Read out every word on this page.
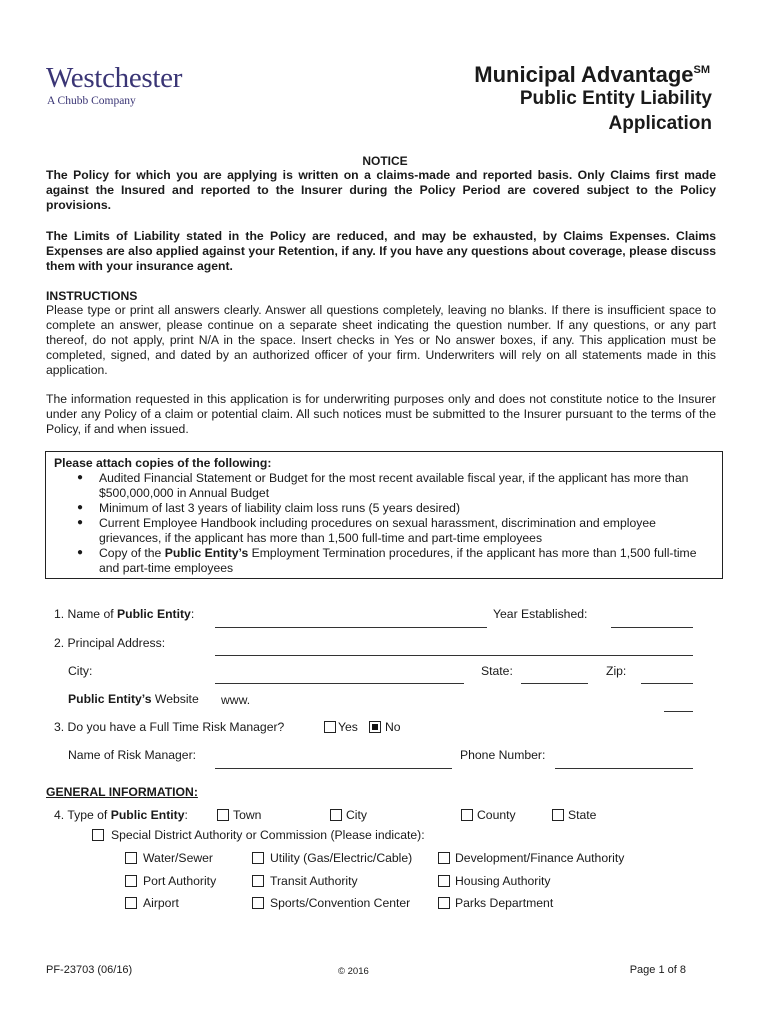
Westchester
A Chubb Company
Municipal Advantage℠
Public Entity Liability
Application
NOTICE
The Policy for which you are applying is written on a claims-made and reported basis. Only Claims first made against the Insured and reported to the Insurer during the Policy Period are covered subject to the Policy provisions.
The Limits of Liability stated in the Policy are reduced, and may be exhausted, by Claims Expenses. Claims Expenses are also applied against your Retention, if any. If you have any questions about coverage, please discuss them with your insurance agent.
INSTRUCTIONS
Please type or print all answers clearly. Answer all questions completely, leaving no blanks. If there is insufficient space to complete an answer, please continue on a separate sheet indicating the question number. If any questions, or any part thereof, do not apply, print N/A in the space. Insert checks in Yes or No answer boxes, if any. This application must be completed, signed, and dated by an authorized officer of your firm. Underwriters will rely on all statements made in this application.
The information requested in this application is for underwriting purposes only and does not constitute notice to the Insurer under any Policy of a claim or potential claim. All such notices must be submitted to the Insurer pursuant to the terms of the Policy, if and when issued.
Please attach copies of the following:
● Audited Financial Statement or Budget for the most recent available fiscal year, if the applicant has more than $500,000,000 in Annual Budget
● Minimum of last 3 years of liability claim loss runs (5 years desired)
● Current Employee Handbook including procedures on sexual harassment, discrimination and employee grievances, if the applicant has more than 1,500 full-time and part-time employees
● Copy of the Public Entity’s Employment Termination procedures, if the applicant has more than 1,500 full-time and part-time employees
1. Name of Public Entity:	Year Established:
2. Principal Address:
City:	State:	Zip:
Public Entity’s Website www.
3. Do you have a Full Time Risk Manager?	Yes No
Name of Risk Manager:	Phone Number:
GENERAL INFORMATION:
4. Type of Public Entity:	Town	City	County	State
Special District Authority or Commission (Please indicate):
Water/Sewer	Utility (Gas/Electric/Cable)	Development/Finance Authority
Port Authority	Transit Authority	Housing Authority
Airport	Sports/Convention Center	Parks Department
PF-23703 (06/16)	© 2016	Page 1 of 8
